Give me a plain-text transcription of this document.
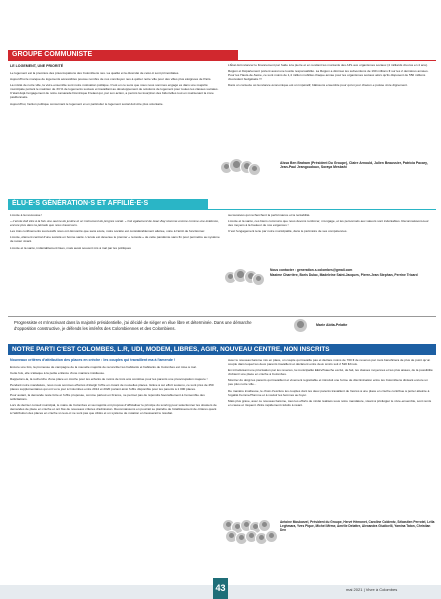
GROUPE COMMUNISTE
LE LOGEMENT, UNE PRIORITÉ

Le logement est la première des préoccupations des Colombiens nes. La qualité et la diversité de celui-ci sont primordiales.

Aujourd'hui le manque de logements accessibles pousse nombre de nos concitoyen nes à quitter notre ville pour des villes plus éloignées de Paris.

La mixité de notre ville, la vivre-ensemble sont notre motivation politique. C'est en ce sens que nous nous sommes engagé es dans une majorité municipale portant le maintien de 33 % de logements sociaux et travaillant au développement de solutions de logement pour toutes les classes sociales. C'était déjà l'engagement de notre camarade Dominique Frelaut qui, par son action, a permis la résorption des bidonvilles tout en maintenant la zone pavillonnaire.

Aujourd'hui, l'action politique concernant le logement et en particulier le logement social doit être plus volontaire.

L'État doit relancer le financement par l'aide à la pierre et en rendant les montants des APL aux organismes sociaux (4 milliards d'euros en 4 ans).

Région et Département portent aussi une lourde responsabilité. La Région a diminué les subventions de 190 millions € sur les 2 dernières années. Pour les Hauts-de-Seine, ce sont moins de 1,4 million mobilisé chaque année pour les organismes sociaux alors qu'ils disposent de 550 millions d'excédent budgétaire !!!

Dans un contexte où la relance économique est un impératif, bâtissons ensemble pour qu'un jour chacun·e puisse vivre dignement.

Aïssa Ben Braham (Président Du Groupe), Claire Arnould, Julien Beaussier, Patricia Pacary, Jean-Paul Jeangoudoux, Soraya Mesbahi
ÉLU·E·S GÉNÉRATION·S ET AFFILIÉ·E·S

L'école à la rescousse !

« L'école doit être à la fois une œuvre de justice et un instrument de progrès social. » Cet également de Jean Zay résonne encore comme une évidence, encore plus dans la période que nous traversons.

Les trois confinements successifs nous ont démontré que sans école, notre société est considérablement altérée, voire à l'arrêt de fonctionner.

L'école, élément central d'une société en bonne santé. L'école est devenue le premier « remède » de cette pandémie sans fin pour permettre au système de rester vivant.

L'école et la santé, indéniablement liées, mais aussi souvent mis à mal par les politiques

successives qui recherchent la performance et la rentabilité.

L'école et la santé, ces biens communs que nous devons renforcer, m'engage, et les personnels aux valeurs sont indéniables. Reconnaissons-leur des moyens à la hauteur de nos exigences !

C'est l'engagement tenu par notre municipalité, dans le périmètre de ses compétences.

Nous contacter : generation.s.colombes@gmail.com
Maxime Charrière, Boris Dulac, Madeleine Saint-Jacques, Pierre-Jean Stephan, Perrine Tricard
Progressiste et m'inscrivant dans la majorité présidentielle, j'ai décidé de siéger en élue libre et déterminée. Dans une démarche d'opposition constructive, je défends les intérêts des Colombiennes et des Colombiens.
Marie Abita-Pelatte
NOTRE PARTI C'EST COLOMBES, L.R, UDI, MODEM, LIBRES, AGIR, NOUVEAU CENTRE, NON INSCRITS

Nouveaux critères d'attribution des places en crèche : les couples qui travaillent ma à l'amende !

Encore une fois, la promesse de campagne de la nouvelle majorité de reconcilier les habitants et habitants de Colombes est mise à mal.

Cette fois, elle s'attaque à la petite enfance d'une manière insidieuse.

Rappelons-la, la recherche d'une place en crèche pour les enfants de moins de trois ans constitue pour les parents une préoccupation majeure !

Pendant notre mandature, nous nous sommes efforcés d'élargir l'offre en créant de nouvelles places. Grâce à cet effort soutenu, ce sont près de 250 places supplémentaires qui ont vu le jour à Colombes entre 2014 et 2020 portant ainsi l'offre disponible pour les parents à 1 000 places.

Pour autant, la demande reste forte et l'offre proposée, comme partout en France, ne permet pas de répondre favorablement à l'ensemble des sollicitations.

Lors du dernier conseil municipal, le maire de Colombes et sa majorité ont proposé d'officialiser le principe du scoring pour sélectionner les dossiers de demandes de place en crèche et ont fixé de nouveaux critères d'admission. Reconnaissons en pourrait se plaindre de l'établissement de critères quant à l'attribution des places en crèche si ceux-ci ne sont pas que ciblés et un système de notation en fausserait le résultat.

Avec le nouveau barème mis en place, un couple qui travaille pas et déclare moins de 700 € de revenus par mois bénéficiera de plus de point qu'un couple dans lequel les deux parents travaillent et déclarent entre deux smics soit 2 520 €/mois.

En introduisant une priorisation par les revenus, la municipalité EELV/Gauche exclut, de fait, les classes moyennes et les plus aisées, de la possibilité d'obtenir une place en crèche à Colombes.

Montrer du doigt les parents qui travaillent et vivement regrettable et introduit une forme de discrimination entre les Colombiens divisant encore un peu plus notre ville...

De manière insidieuse, le choix d'exclure les couples dont les deux parents travaillent de l'accès à une place en crèche contribue à porter atteinte à l'égalité Femme/Homme et à vouloir les femmes au foyer.

Mais plus grave, avec ce nouveau barème, tous les efforts de mixité réalisés sous notre mandature, visant à privilégier le vivre-ensemble, sont remis en cause et risquent d'être rapidement réduits à néant.

Antoine Moukarzel, Président du Groupe, Hervé Hémonet, Caroline Coblentz, Sébastien Perrotel, Leïla Leghmara, Yves Pique, Michel Mème, Amélie Delattre, Alexandra Giudicelli, Yamina Taton, Christian Den
43	mai 2021 | Vivre à Colombes
